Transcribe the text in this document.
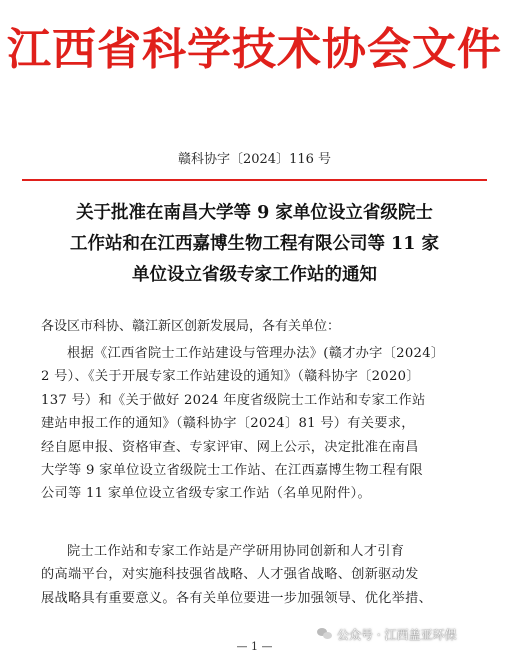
江西省科学技术协会文件
赣科协字〔2024〕116 号
关于批准在南昌大学等 9 家单位设立省级院士
工作站和在江西嘉博生物工程有限公司等 11 家
单位设立省级专家工作站的通知
各设区市科协、赣江新区创新发展局，各有关单位：
根据《江西省院士工作站建设与管理办法》(赣才办字〔2024〕
2 号）、《关于开展专家工作站建设的通知》（赣科协字〔2020〕
137 号）和《关于做好 2024 年度省级院士工作站和专家工作站
建站申报工作的通知》（赣科协字〔2024〕81 号）有关要求，
经自愿申报、资格审查、专家评审、网上公示，决定批准在南昌
大学等 9 家单位设立省级院士工作站、在江西嘉博生物工程有限
公司等 11 家单位设立省级专家工作站（名单见附件）。
院士工作站和专家工作站是产学研用协同创新和人才引育
的高端平台，对实施科技强省战略、人才强省战略、创新驱动发
展战略具有重要意义。各有关单位要进一步加强领导、优化举措、
公众号 · 江西盖亚环保
— 1 —
